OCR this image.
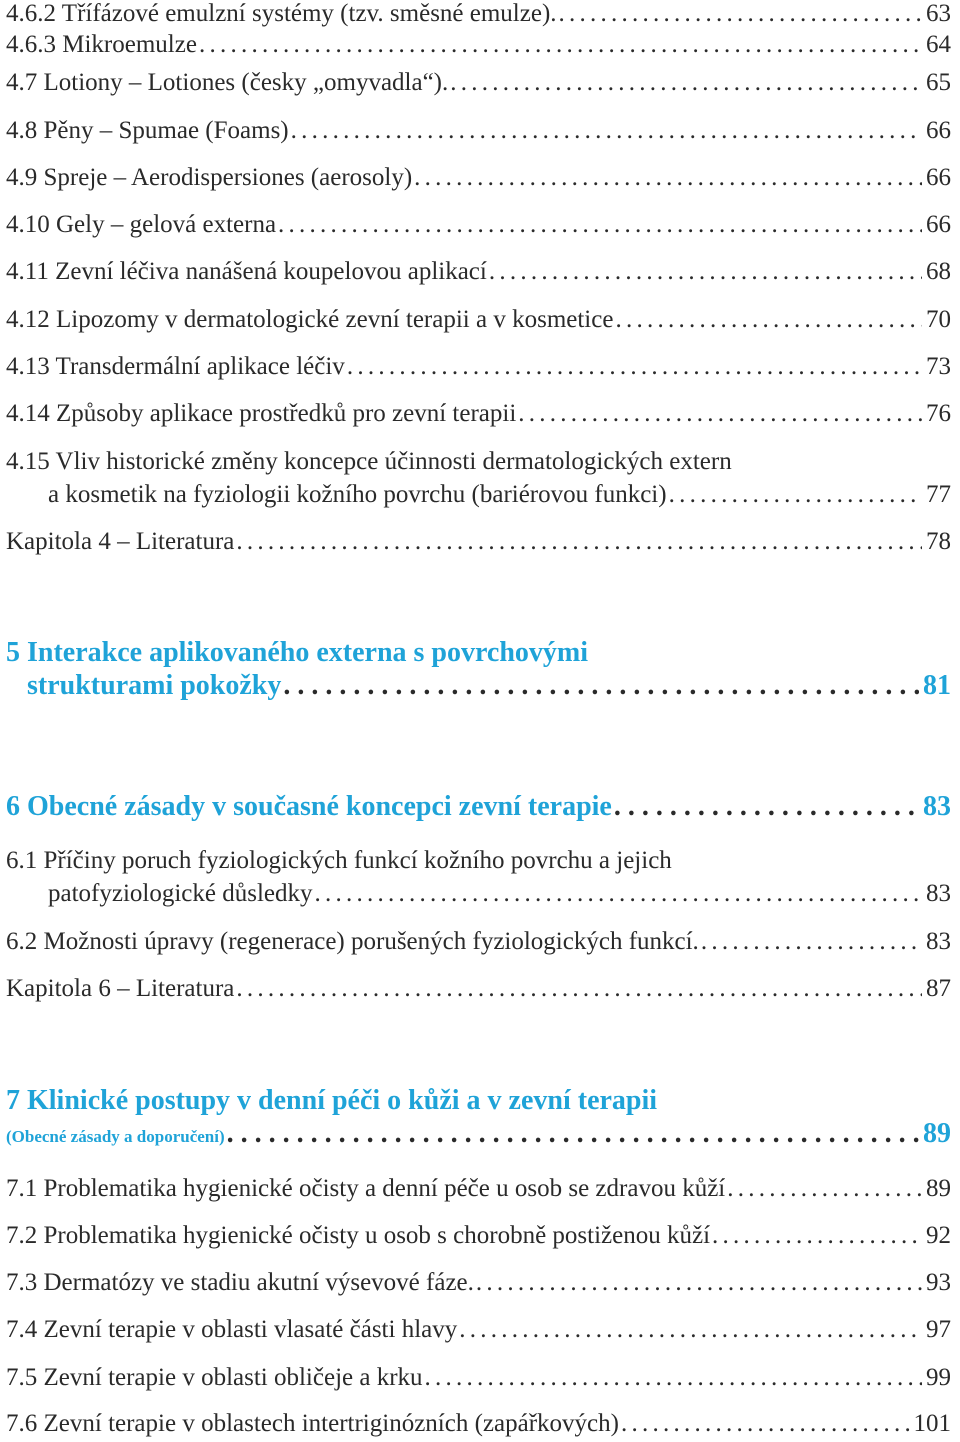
4.6.2 Třífázové emulzní systémy (tzv. směsné emulze). . . .	63
4.6.3 Mikroemulze . . .	64
4.7 Lotiony – Lotiones (česky „omyvadla“). . . .	65
4.8 Pěny – Spumae (Foams) . . .	66
4.9 Spreje – Aerodispersiones (aerosoly) . . .	66
4.10 Gely – gelová externa . . .	66
4.11 Zevní léčiva nanášená koupelovou aplikací . . .	68
4.12 Lipozomy v dermatologické zevní terapii a v kosmetice . . .	70
4.13 Transdermální aplikace léčiv . . .	73
4.14 Způsoby aplikace prostředků pro zevní terapii . . .	76
4.15 Vliv historické změny koncepce účinnosti dermatologických extern
a kosmetik na fyziologii kožního povrchu (bariérovou funkci) . . .	77
Kapitola 4 – Literatura . . .	78
5 Interakce aplikovaného externa s povrchovými
strukturami pokožky . . .	81
6 Obecné zásady v současné koncepci zevní terapie . . .	83
6.1 Příčiny poruch fyziologických funkcí kožního povrchu a jejich
patofyziologické důsledky . . .	83
6.2 Možnosti úpravy (regenerace) porušených fyziologických funkcí. . . .	83
Kapitola 6 – Literatura . . .	87
7 Klinické postupy v denní péči o kůži a v zevní terapii
(Obecné zásady a doporučení) . . .	89
7.1 Problematika hygienické očisty a denní péče u osob se zdravou kůží . . .	89
7.2 Problematika hygienické očisty u osob s chorobně postiženou kůží . . .	92
7.3 Dermatózy ve stadiu akutní výsevové fáze. . . .	93
7.4 Zevní terapie v oblasti vlasaté části hlavy . . .	97
7.5 Zevní terapie v oblasti obličeje a krku . . .	99
7.6 Zevní terapie v oblastech intertriginózních (zapářkových) . . .	101
